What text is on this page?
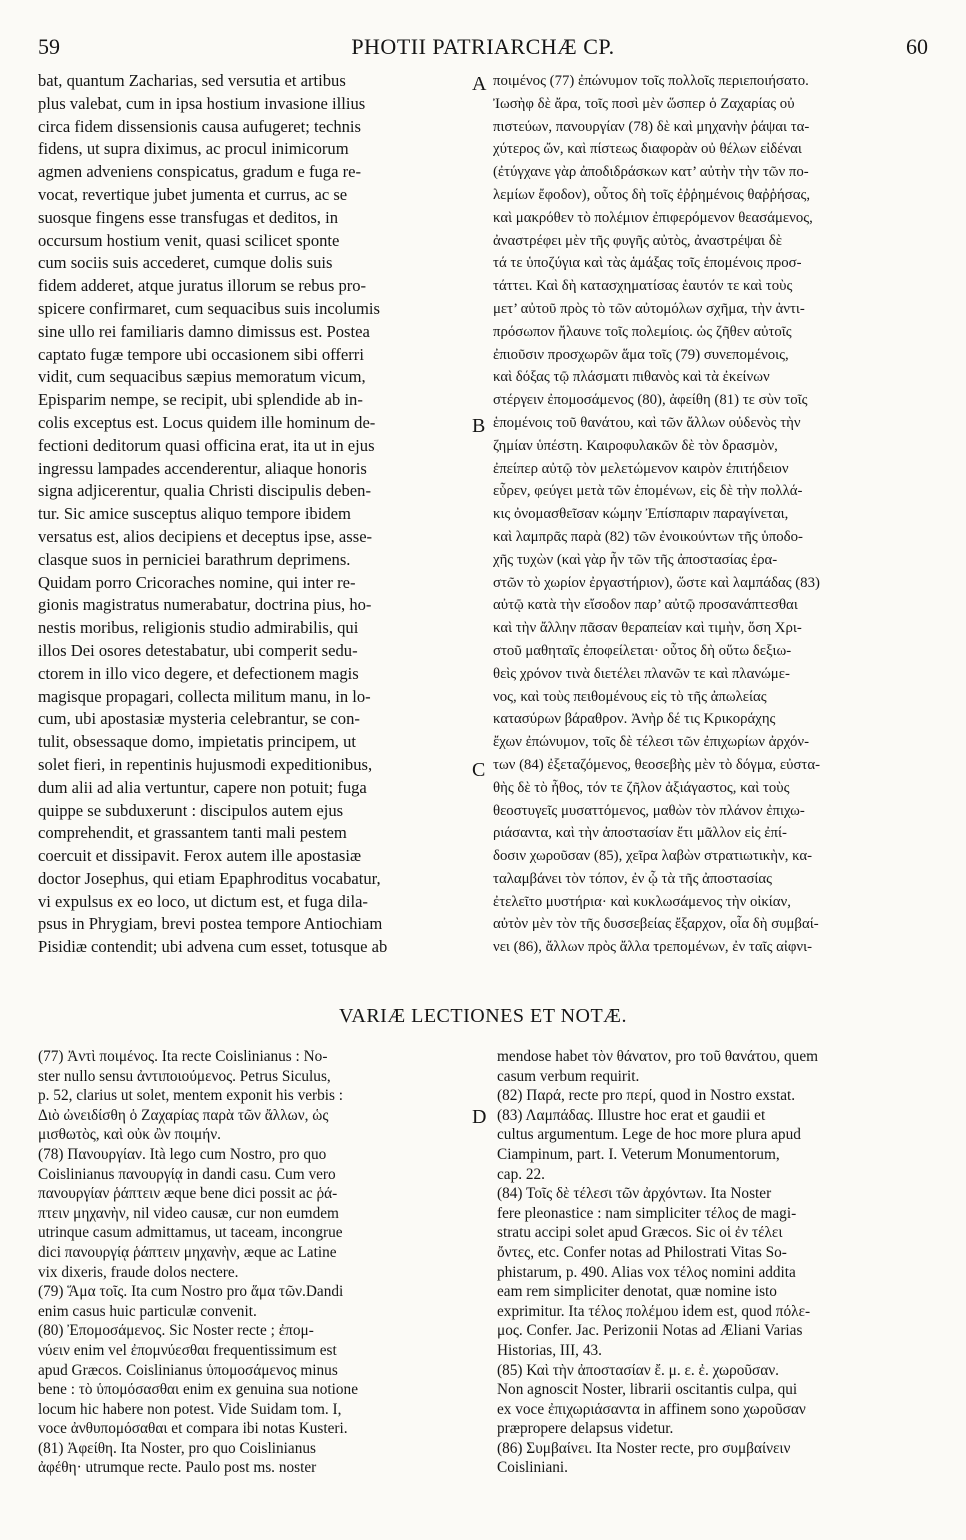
59	PHOTII PATRIARCHÆ CP.	60
A
B
C
D
bat, quantum Zacharias, sed versutia et artibus
plus valebat, cum in ipsa hostium invasione illius
circa fidem dissensionis causa aufugeret; technis
fidens, ut supra diximus, ac procul inimicorum
agmen adveniens conspicatus, gradum e fuga re-
vocat, revertique jubet jumenta et currus, ac se
suosque fingens esse transfugas et deditos, in
occursum hostium venit, quasi scilicet sponte
cum sociis suis accederet, cumque dolis suis
fidem adderet, atque juratus illorum se rebus pro-
spicere confirmaret, cum sequacibus suis incolumis
sine ullo rei familiaris damno dimissus est. Postea
captato fugæ tempore ubi occasionem sibi offerri
vidit, cum sequacibus sæpius memoratum vicum,
Episparim nempe, se recipit, ubi splendide ab in-
colis exceptus est. Locus quidem ille hominum de-
fectioni deditorum quasi officina erat, ita ut in ejus
ingressu lampades accenderentur, aliaque honoris
signa adjicerentur, qualia Christi discipulis deben-
tur. Sic amice susceptus aliquo tempore ibidem
versatus est, alios decipiens et deceptus ipse, asse-
clasque suos in perniciei barathrum deprimens.
Quidam porro Cricoraches nomine, qui inter re-
gionis magistratus numerabatur, doctrina pius, ho-
nestis moribus, religionis studio admirabilis, qui
illos Dei osores detestabatur, ubi comperit sedu-
ctorem in illo vico degere, et defectionem magis
magisque propagari, collecta militum manu, in lo-
cum, ubi apostasiæ mysteria celebrantur, se con-
tulit, obsessaque domo, impietatis principem, ut
solet fieri, in repentinis hujusmodi expeditionibus,
dum alii ad alia vertuntur, capere non potuit; fuga
quippe se subduxerunt : discipulos autem ejus
comprehendit, et grassantem tanti mali pestem
coercuit et dissipavit. Ferox autem ille apostasiæ
doctor Josephus, qui etiam Epaphroditus vocabatur,
vi expulsus ex eo loco, ut dictum est, et fuga dila-
psus in Phrygiam, brevi postea tempore Antiochiam
Pisidiæ contendit; ubi advena cum esset, totusque ab
ποιμένος (77) ἐπώνυμον τοῖς πολλοῖς περιεποιήσατο.
Ἰωσὴφ δὲ ἄρα, τοῖς ποσὶ μὲν ὥσπερ ὁ Ζαχαρίας οὐ
πιστεύων, πανουργίαν (78) δὲ καὶ μηχανὴν ῥάψαι τα-
χύτερος ὤν, καὶ πίστεως διαφορὰν οὐ θέλων εἰδέναι
(ἐτύγχανε γὰρ ἀποδιδράσκων κατ’ αὐτὴν τὴν τῶν πο-
λεμίων ἔφοδον), οὗτος δὴ τοῖς ἐῤῥημένοις θαῤῥήσας,
καὶ μακρόθεν τὸ πολέμιον ἐπιφερόμενον θεασάμενος,
ἀναστρέφει μὲν τῆς φυγῆς αὐτὸς, ἀναστρέψαι δὲ
τά τε ὑποζύγια καὶ τὰς ἁμάξας τοῖς ἑπομένοις προσ-
τάττει. Καὶ δὴ κατασχηματίσας ἑαυτόν τε καὶ τοὺς
μετ’ αὐτοῦ πρὸς τὸ τῶν αὐτομόλων σχῆμα, τὴν ἀντι-
πρόσωπον ἤλαυνε τοῖς πολεμίοις. ὡς ζῆθεν αὐτοῖς
ἐπιοῦσιν προσχωρῶν ἅμα τοῖς (79) συνεπομένοις,
καὶ δόξας τῷ πλάσματι πιθανὸς καὶ τὰ ἐκείνων
στέργειν ἐπομοσάμενος (80), ἀφείθη (81) τε σὺν τοῖς
ἑπομένοις τοῦ θανάτου, καὶ τῶν ἄλλων οὐδενὸς τὴν
ζημίαν ὑπέστη. Καιροφυλακῶν δὲ τὸν δρασμὸν,
ἐπείπερ αὐτῷ τὸν μελετώμενον καιρὸν ἐπιτήδειον
εὗρεν, φεύγει μετὰ τῶν ἑπομένων, εἰς δὲ τὴν πολλά-
κις ὀνομασθεῖσαν κώμην Ἐπίσπαριν παραγίνεται,
καὶ λαμπρᾶς παρὰ (82) τῶν ἐνοικούντων τῆς ὑποδο-
χῆς τυχὼν (καὶ γὰρ ἦν τῶν τῆς ἀποστασίας ἐρα-
στῶν τὸ χωρίον ἐργαστήριον), ὥστε καὶ λαμπάδας (83)
αὐτῷ κατὰ τὴν εἴσοδον παρ’ αὐτῷ προσανάπτεσθαι
καὶ τὴν ἄλλην πᾶσαν θεραπείαν καὶ τιμὴν, ὅση Χρι-
στοῦ μαθηταῖς ἐποφείλεται· οὗτος δὴ οὕτω δεξιω-
θεὶς χρόνον τινὰ διετέλει πλανῶν τε καὶ πλανώμε-
νος, καὶ τοὺς πειθομένους εἰς τὸ τῆς ἀπωλείας
κατασύρων βάραθρον. Ἀνὴρ δέ τις Κρικοράχης
ἔχων ἐπώνυμον, τοῖς δὲ τέλεσι τῶν ἐπιχωρίων ἀρχόν-
των (84) ἐξεταζόμενος, θεοσεβὴς μὲν τὸ δόγμα, εὐστα-
θὴς δὲ τὸ ἦθος, τόν τε ζῆλον ἀξιάγαστος, καὶ τοὺς
θεοστυγεῖς μυσαττόμενος, μαθὼν τὸν πλάνον ἐπιχω-
ριάσαντα, καὶ τὴν ἀποστασίαν ἔτι μᾶλλον εἰς ἐπί-
δοσιν χωροῦσαν (85), χεῖρα λαβὼν στρατιωτικὴν, κα-
ταλαμβάνει τὸν τόπον, ἐν ᾧ τὰ τῆς ἀποστασίας
ἐτελεῖτο μυστήρια· καὶ κυκλωσάμενος τὴν οἰκίαν,
αὐτὸν μὲν τὸν τῆς δυσσεβείας ἔξαρχον, οἷα δὴ συμβαί-
νει (86), ἄλλων πρὸς ἄλλα τρεπομένων, ἐν ταῖς αἰφνι-
VARIÆ LECTIONES ET NOTÆ.
(77) Ἀντὶ ποιμένος. Ita recte Coislinianus : No-
ster nullo sensu ἀντιποιούμενος. Petrus Siculus,
p. 52, clarius ut solet, mentem exponit his verbis :
Διὸ ὠνειδίσθη ὁ Ζαχαρίας παρὰ τῶν ἄλλων, ὡς
μισθωτὸς, καὶ οὐκ ὢν ποιμήν.
(78) Πανουργίαν. Ità lego cum Nostro, pro quo
Coislinianus πανουργίᾳ in dandi casu. Cum vero
πανουργίαν ῥάπτειν æque bene dici possit ac ῥά-
πτειν μηχανὴν, nil video causæ, cur non eumdem
utrinque casum admittamus, ut taceam, incongrue
dici πανουργίᾳ ῥάπτειν μηχανὴν, æque ac Latine
vix dixeris, fraude dolos nectere.
(79) Ἅμα τοῖς. Ita cum Nostro pro ἅμα τῶν.Dandi
enim casus huic particulæ convenit.
(80) Ἐπομοσάμενος. Sic Noster recte ; ἐπομ-
νύειν enim vel ἐπομνύεσθαι frequentissimum est
apud Græcos. Coislinianus ὑπομοσάμενος minus
bene : τὸ ὑπομόσασθαι enim ex genuina sua notione
locum hic habere non potest. Vide Suidam tom. I,
voce ἀνθυπομόσαθαι et compara ibi notas Kusteri.
(81) Ἀφείθη. Ita Noster, pro quo Coislinianus
ἀφέθη· utrumque recte. Paulo post ms. noster
mendose habet τὸν θάνατον, pro τοῦ θανάτου, quem
casum verbum requirit.
(82) Παρά, recte pro περί, quod in Nostro exstat.
(83) Λαμπάδας. Illustre hoc erat et gaudii et
cultus argumentum. Lege de hoc more plura apud
Ciampinum, part. I. Veterum Monumentorum,
cap. 22.
(84) Τοῖς δὲ τέλεσι τῶν ἀρχόντων. Ita Noster
fere pleonastice : nam simpliciter τέλος de magi-
stratu accipi solet apud Græcos. Sic οἱ ἐν τέλει
ὄντες, etc. Confer notas ad Philostrati Vitas So-
phistarum, p. 490. Alias vox τέλος nomini addita
eam rem simpliciter denotat, quæ nomine isto
exprimitur. Ita τέλος πολέμου idem est, quod πόλε-
μος. Confer. Jac. Perizonii Notas ad Æliani Varias
Historias, III, 43.
(85) Καὶ τὴν ἀποστασίαν ἔ. μ. ε. ἐ. χωροῦσαν.
Non agnoscit Noster, librarii oscitantis culpa, qui
ex voce ἐπιχωριάσαντα in affinem sono χωροῦσαν
præpropere delapsus videtur.
(86) Συμβαίνει. Ita Noster recte, pro συμβαίνειν
Coisliniani.
